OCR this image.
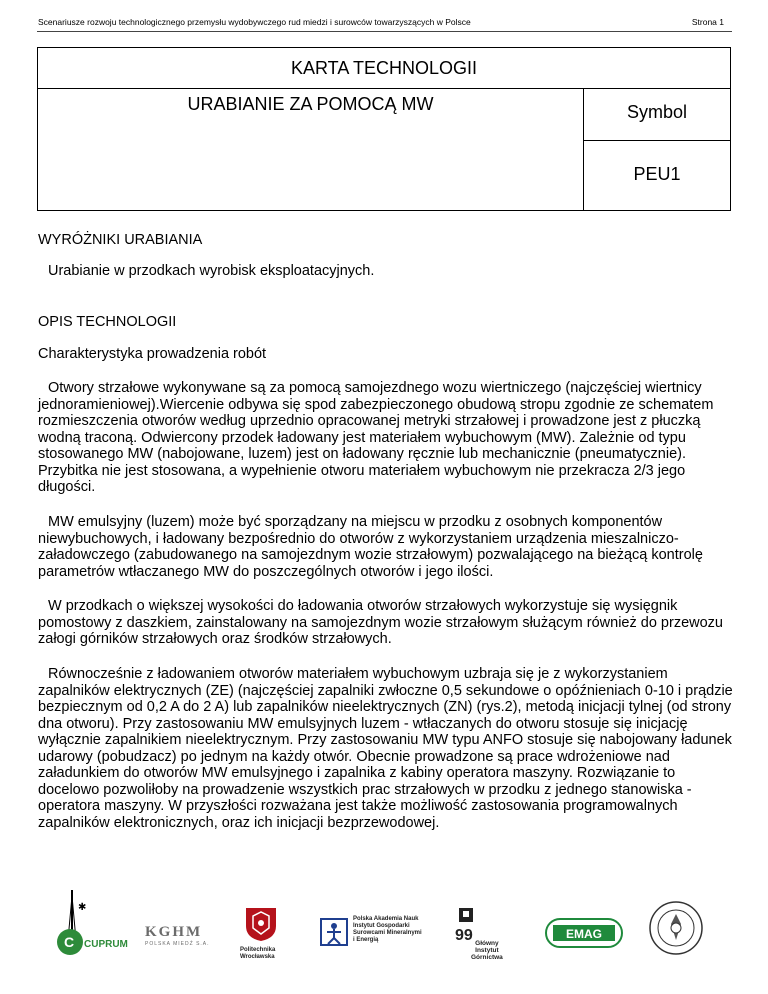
Scenariusze rozwoju technologicznego przemysłu wydobywczego rud miedzi i surowców towarzyszących w Polsce	Strona 1
KARTA TECHNOLOGII
URABIANIE ZA POMOCĄ MW	Symbol
PEU1
WYRÓŻNIKI URABIANIA
Urabianie w przodkach wyrobisk eksploatacyjnych.
OPIS TECHNOLOGII
Charakterystyka prowadzenia robót

Otwory strzałowe wykonywane są za pomocą samojezdnego wozu wiertniczego (najczęściej wiertnicy jednoramieniowej).Wiercenie odbywa się spod zabezpieczonego obudową stropu zgodnie ze schematem rozmieszczenia otworów według uprzednio opracowanej metryki strzałowej i prowadzone jest z płuczką wodną traconą. Odwiercony przodek ładowany jest materiałem wybuchowym (MW). Zależnie od typu stosowanego MW (nabojowane, luzem) jest on ładowany ręcznie lub mechanicznie (pneumatycznie). Przybitka nie jest stosowana, a wypełnienie otworu materiałem wybuchowym nie przekracza 2/3 jego długości.

MW emulsyjny (luzem) może być sporządzany na miejscu w przodku z osobnych komponentów niewybuchowych, i ładowany bezpośrednio do otworów z wykorzystaniem urządzenia mieszalniczo-załadowczego (zabudowanego na samojezdnym wozie strzałowym) pozwalającego na bieżącą kontrolę parametrów wtłaczanego MW do poszczególnych otworów i jego ilości.

W przodkach o większej wysokości do ładowania otworów strzałowych wykorzystuje się wysięgnik pomostowy z daszkiem, zainstalowany na samojezdnym wozie strzałowym służącym również do przewozu załogi górników strzałowych oraz środków strzałowych.

Równocześnie z ładowaniem otworów materiałem wybuchowym uzbraja się je z wykorzystaniem zapalników elektrycznych (ZE) (najczęściej zapalniki zwłoczne 0,5 sekundowe o opóźnieniach 0-10 i prądzie bezpiecznym od 0,2 A do 2 A) lub zapalników nieelektrycznych (ZN) (rys.2), metodą inicjacji tylnej (od strony dna otworu). Przy zastosowaniu MW emulsyjnych luzem - wtłaczanych do otworu stosuje się inicjację wyłącznie zapalnikiem nieelektrycznym. Przy zastosowaniu MW typu ANFO stosuje się nabojowany ładunek udarowy (pobudzacz) po jednym na każdy otwór. Obecnie prowadzone są prace wdrożeniowe nad załadunkiem do otworów MW emulsyjnego i zapalnika z kabiny operatora maszyny. Rozwiązanie to docelowo pozwoliłoby na prowadzenie wszystkich prac strzałowych w przodku z jednego stanowiska - operatora maszyny. W przyszłości rozważana jest także możliwość zastosowania programowalnych zapalników elektronicznych, oraz ich inicjacji bezprzewodowej.

✱
C CUPRUM
KGHM
POLSKA MIEDŹ S.A.
Politechnika
Wrocławska
Polska Akademia Nauk
Instytut Gospodarki
Surowcami Mineralnymi
i Energią	99 Główny
Instytut
Górnictwa
EMAG
